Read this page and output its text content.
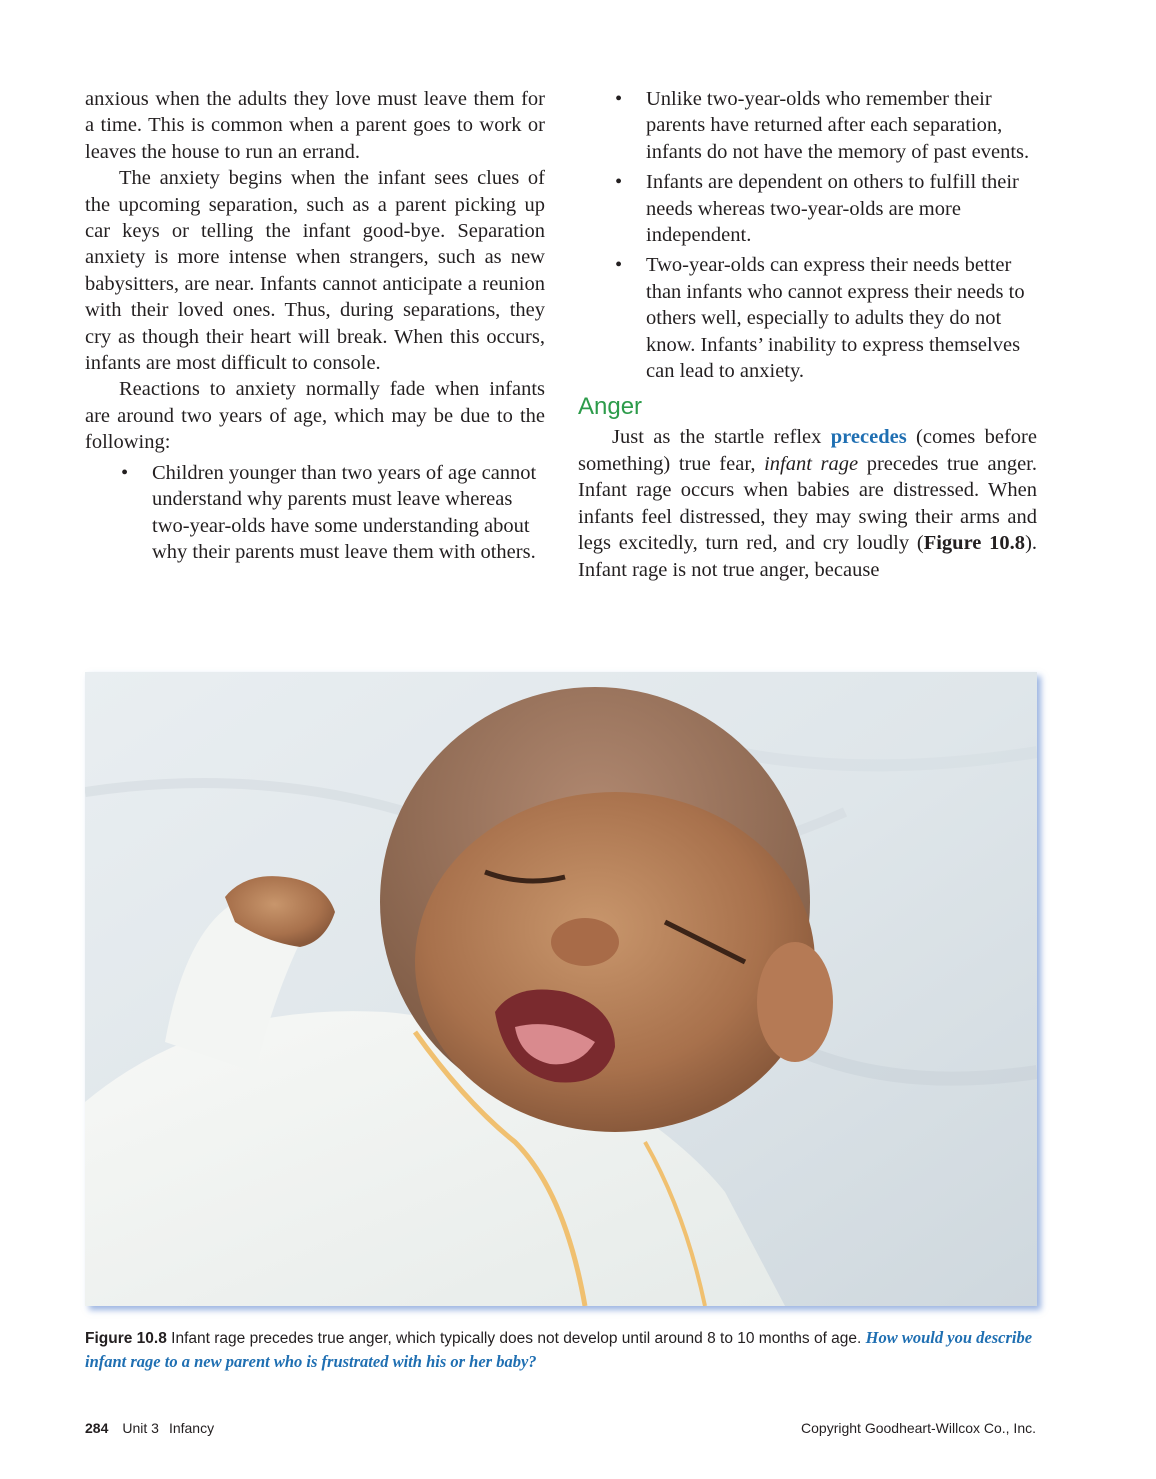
anxious when the adults they love must leave them for a time. This is common when a parent goes to work or leaves the house to run an errand.

The anxiety begins when the infant sees clues of the upcoming separation, such as a parent picking up car keys or telling the infant good-bye. Separation anxiety is more intense when strangers, such as new babysitters, are near. Infants cannot anticipate a reunion with their loved ones. Thus, during separations, they cry as though their heart will break. When this occurs, infants are most difficult to console.

Reactions to anxiety normally fade when infants are around two years of age, which may be due to the following:

• Children younger than two years of age cannot understand why parents must leave whereas two-year-olds have some understanding about why their parents must leave them with others.
• Unlike two-year-olds who remember their parents have returned after each separation, infants do not have the memory of past events.
• Infants are dependent on others to fulfill their needs whereas two-year-olds are more independent.
• Two-year-olds can express their needs better than infants who cannot express their needs to others well, especially to adults they do not know. Infants’ inability to express themselves can lead to anxiety.
Anger

Just as the startle reflex precedes (comes before something) true fear, infant rage precedes true anger. Infant rage occurs when babies are distressed. When infants feel distressed, they may swing their arms and legs excitedly, turn red, and cry loudly (Figure 10.8). Infant rage is not true anger, because

Figure 10.8 Infant rage precedes true anger, which typically does not develop until around 8 to 10 months of age. How would you describe infant rage to a new parent who is frustrated with his or her baby?
284 Unit 3 Infancy	Copyright Goodheart-Willcox Co., Inc.
